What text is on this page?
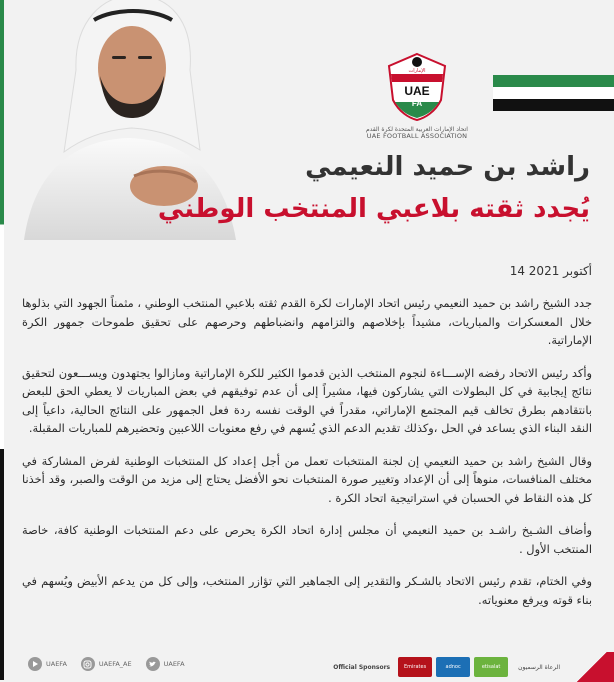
UAE
FA
الإمارات
اتحاد الإمارات العربية المتحدة لكرة القدم
UAE FOOTBALL ASSOCIATION
راشد بن حميد النعيمي
يُجدد ثقته بلاعبي المنتخب الوطني
14 أكتوبر 2021

جدد الشيخ راشد بن حميد النعيمي رئيس اتحاد الإمارات لكرة القدم ثقته بلاعبي المنتخب الوطني ، مثمناً الجهود التي بذلوها خلال المعسكرات والمباريات، مشيداً بإخلاصهم والتزامهم وانضباطهم وحرصهم على تحقيق طموحات جمهور الكرة الإماراتية.

وأكد رئيس الاتحاد رفضه الإســـاءة لنجوم المنتخب الذين قدموا الكثير للكرة الإماراتية ومازالوا يجتهدون ويســـعون لتحقيق نتائج إيجابية في كل البطولات التي يشاركون فيها، مشيراً إلى أن عدم توفيقهم في بعض المباريات لا يعطي الحق للبعض بانتقادهم بطرق تخالف قيم المجتمع الإماراتي، مقدراً في الوقت نفسه ردة فعل الجمهور على النتائج الحالية، داعياً إلى النقد البناء الذي يساعد في الحل ،وكذلك تقديم الدعم الذي يُسهم في رفع معنويات اللاعبين وتحضيرهم للمباريات المقبلة.

وقال الشيخ راشد بن حميد النعيمي إن لجنة المنتخبات تعمل من أجل إعداد كل المنتخبات الوطنية لفرض المشاركة في مختلف المنافسات، منوهاً إلى أن الإعداد وتغيير صورة المنتخبات نحو الأفضل يحتاج إلى مزيد من الوقت والصبر، وقد أخذنا كل هذه النقاط في الحسبان في استراتيجية اتحاد الكرة .

وأضاف الشـيخ راشـد بن حميد النعيمي أن مجلس إدارة اتحاد الكرة يحرص على دعم المنتخبات الوطنية كافة، خاصة المنتخب الأول .

وفي الختام، تقدم رئيس الاتحاد بالشـكر والتقدير إلى الجماهير التي تؤازر المنتخب، وإلى كل من يدعم الأبيض ويُسهم في بناء قوته ويرفع معنوياته.

UAEFA	UAEFA_AE	UAEFA	Official Sponsors	Emirates	adnoc	etisalat	الرعاة الرسميون
